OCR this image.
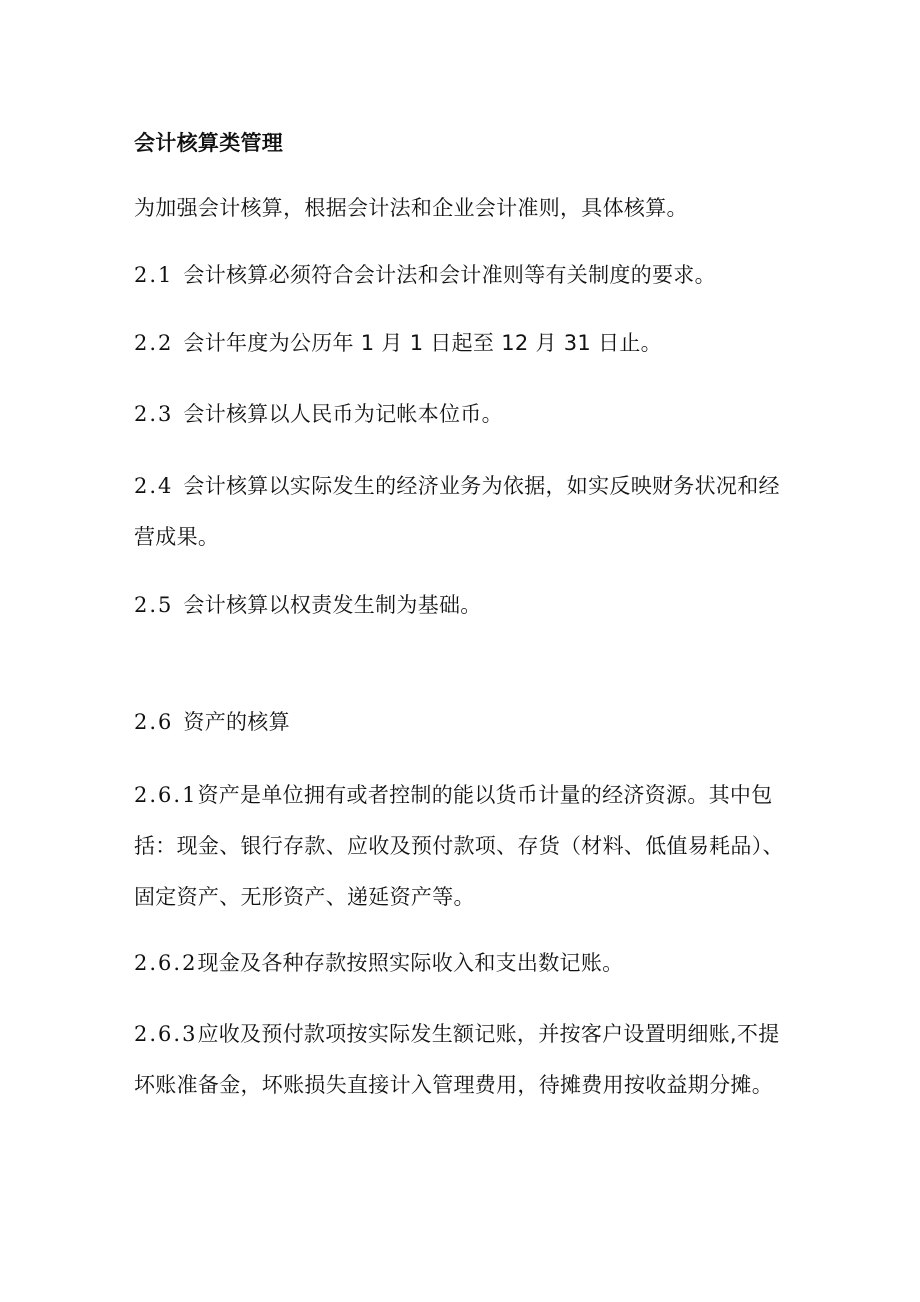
会计核算类管理

为加强会计核算，根据会计法和企业会计准则，具体核算。

2.1 会计核算必须符合会计法和会计准则等有关制度的要求。

2.2 会计年度为公历年 1 月 1 日起至 12 月 31 日止。

2.3 会计核算以人民币为记帐本位币。

2.4 会计核算以实际发生的经济业务为依据，如实反映财务状况和经营成果。

2.5 会计核算以权责发生制为基础。

2.6 资产的核算

2.6.1资产是单位拥有或者控制的能以货币计量的经济资源。其中包括：现金、银行存款、应收及预付款项、存货（材料、低值易耗品）、固定资产、无形资产、递延资产等。

2.6.2现金及各种存款按照实际收入和支出数记账。

2.6.3应收及预付款项按实际发生额记账，并按客户设置明细账,不提坏账准备金，坏账损失直接计入管理费用，待摊费用按收益期分摊。
